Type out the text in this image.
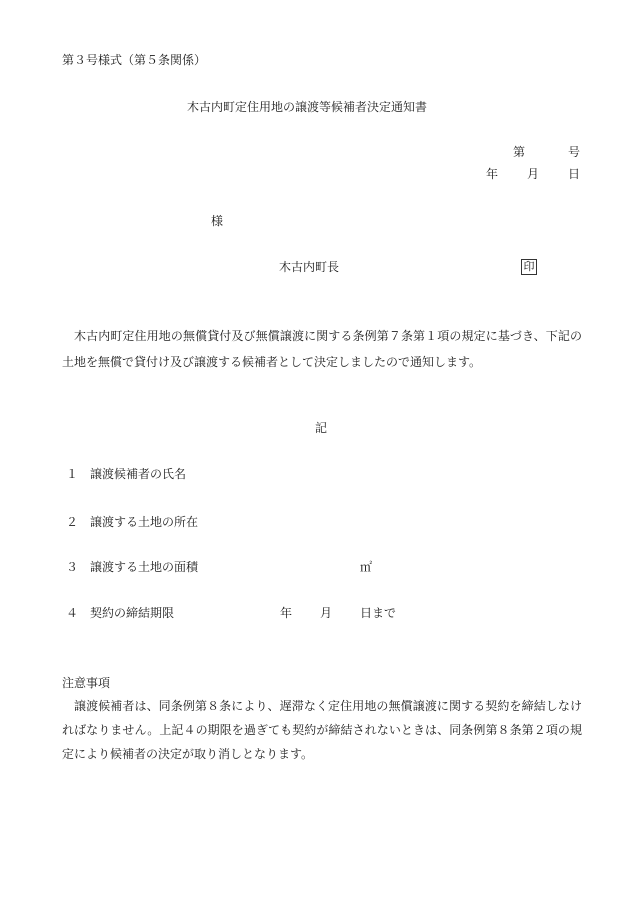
第３号様式（第５条関係）
木古内町定住用地の譲渡等候補者決定通知書
第	号
年 月 日
様
木古内町長	印
木古内町定住用地の無償貸付及び無償譲渡に関する条例第７条第１項の規定に基づき、下記の土地を無償で貸付け及び譲渡する候補者として決定しましたので通知します。
記
１ 譲渡候補者の氏名
２ 譲渡する土地の所在
３ 譲渡する土地の面積	㎡
４ 契約の締結期限	年 月 日まで
注意事項
譲渡候補者は、同条例第８条により、遅滞なく定住用地の無償譲渡に関する契約を締結しなければなりません。上記４の期限を過ぎても契約が締結されないときは、同条例第８条第２項の規定により候補者の決定が取り消しとなります。
